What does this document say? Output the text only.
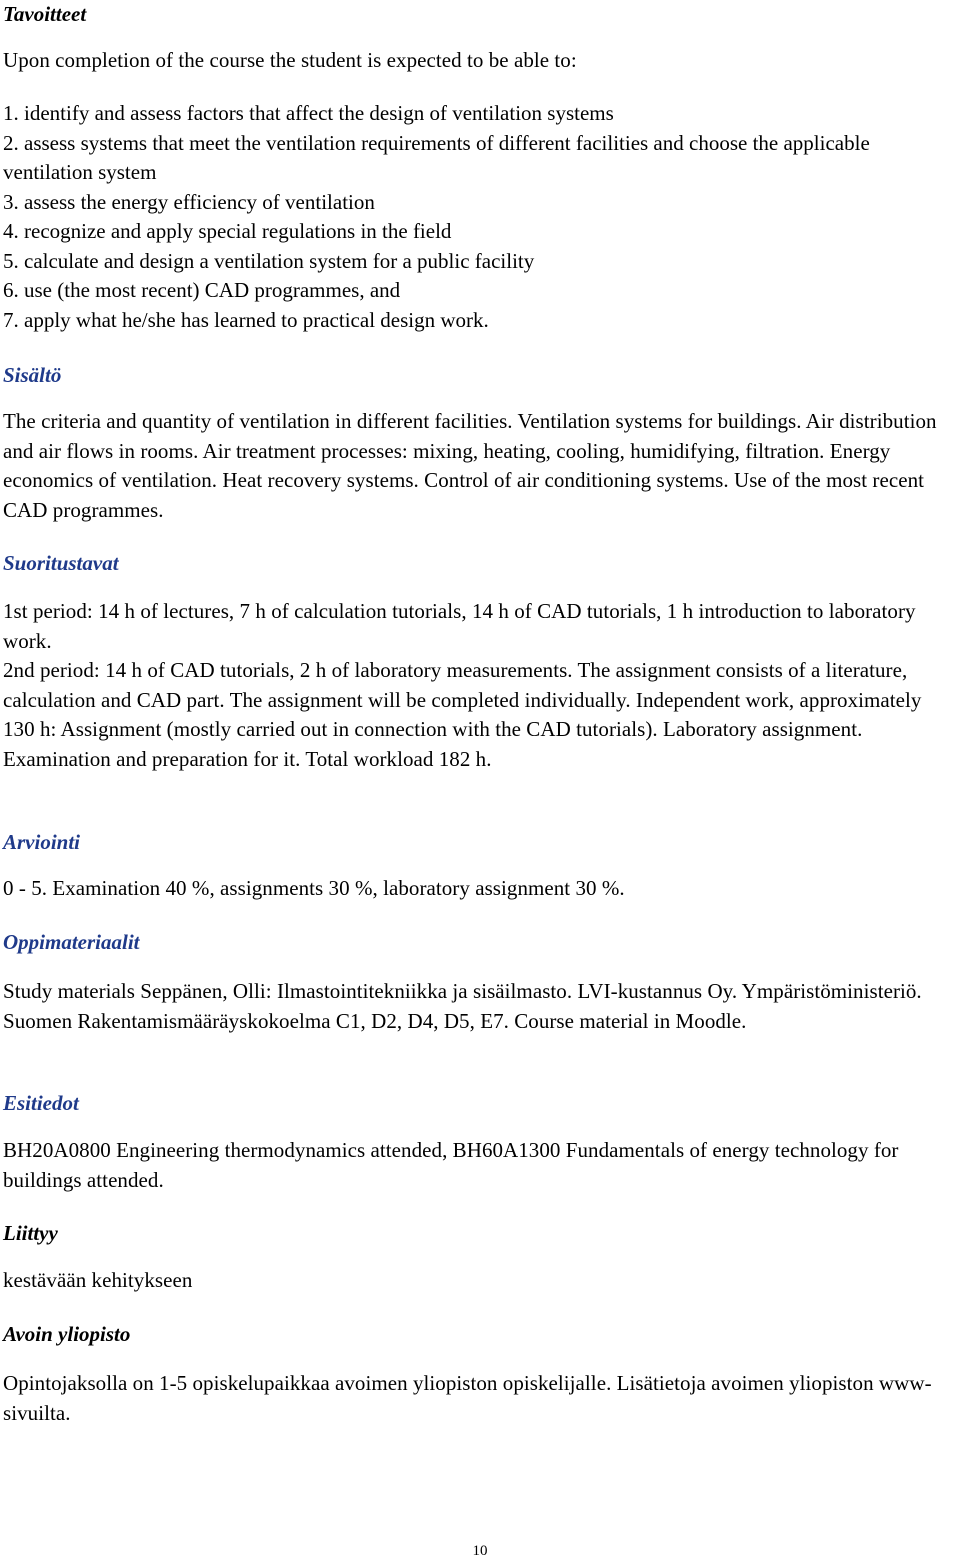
Tavoitteet

Upon completion of the course the student is expected to be able to:

1. identify and assess factors that affect the design of ventilation systems
2. assess systems that meet the ventilation requirements of different facilities and choose the applicable ventilation system
3. assess the energy efficiency of ventilation
4. recognize and apply special regulations in the field
5. calculate and design a ventilation system for a public facility
6. use (the most recent) CAD programmes, and
7. apply what he/she has learned to practical design work.
Sisältö

The criteria and quantity of ventilation in different facilities. Ventilation systems for buildings. Air distribution and air flows in rooms. Air treatment processes: mixing, heating, cooling, humidifying, filtration. Energy economics of ventilation. Heat recovery systems. Control of air conditioning systems. Use of the most recent CAD programmes.

Suoritustavat

1st period: 14 h of lectures, 7 h of calculation tutorials, 14 h of CAD tutorials, 1 h introduction to laboratory work.

2nd period: 14 h of CAD tutorials, 2 h of laboratory measurements. The assignment consists of a literature, calculation and CAD part. The assignment will be completed individually. Independent work, approximately 130 h: Assignment (mostly carried out in connection with the CAD tutorials). Laboratory assignment. Examination and preparation for it. Total workload 182 h.

Arviointi

0 - 5. Examination 40 %, assignments 30 %, laboratory assignment 30 %.

Oppimateriaalit

Study materials Seppänen, Olli: Ilmastointitekniikka ja sisäilmasto. LVI-kustannus Oy. Ympäristöministeriö. Suomen Rakentamismääräyskokoelma C1, D2, D4, D5, E7. Course material in Moodle.

Esitiedot

BH20A0800 Engineering thermodynamics attended, BH60A1300 Fundamentals of energy technology for buildings attended.

Liittyy

kestävään kehitykseen

Avoin yliopisto

Opintojaksolla on 1-5 opiskelupaikkaa avoimen yliopiston opiskelijalle. Lisätietoja avoimen yliopiston www-sivuilta.

10
